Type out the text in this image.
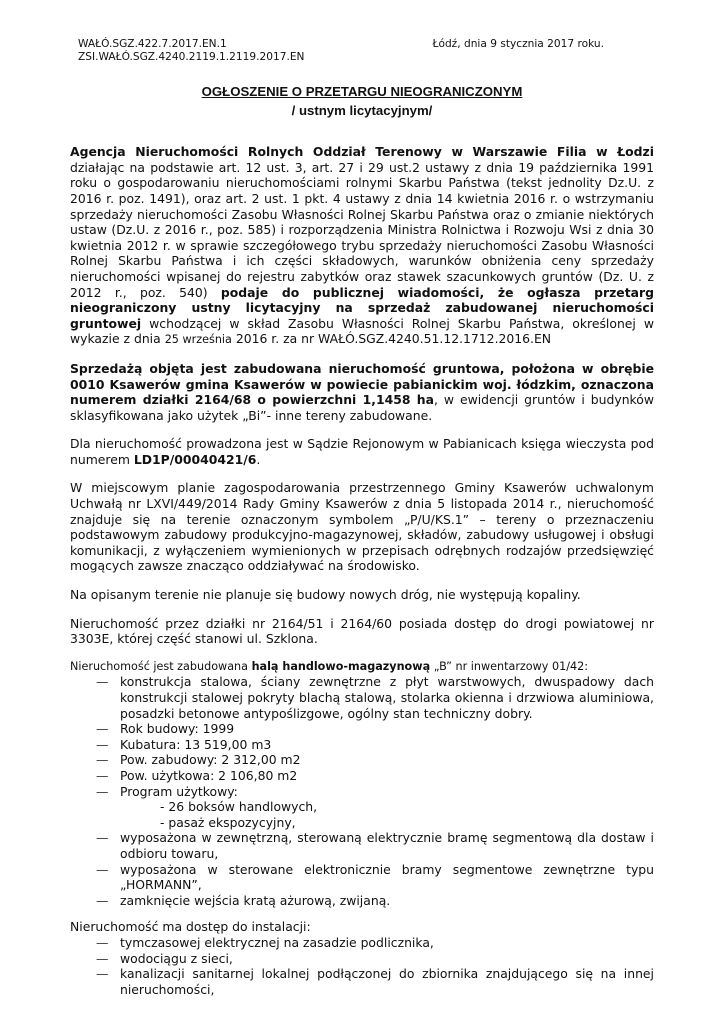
WAŁÓ.SGZ.422.7.2017.EN.1
ZSI.WAŁÓ.SGZ.4240.2119.1.2119.2017.EN
Łódź, dnia 9 stycznia 2017 roku.
OGŁOSZENIE O PRZETARGU NIEOGRANICZONYM
/ ustnym licytacyjnym/
Agencja Nieruchomości Rolnych Oddział Terenowy w Warszawie Filia w Łodzi działając na podstawie art. 12 ust. 3, art. 27 i 29 ust.2 ustawy z dnia 19 października 1991 roku o gospodarowaniu nieruchomościami rolnymi Skarbu Państwa (tekst jednolity Dz.U. z 2016 r. poz. 1491), oraz art. 2 ust. 1 pkt. 4 ustawy z dnia 14 kwietnia 2016 r. o wstrzymaniu sprzedaży nieruchomości Zasobu Własności Rolnej Skarbu Państwa oraz o zmianie niektórych ustaw (Dz.U. z 2016 r., poz. 585) i rozporządzenia Ministra Rolnictwa i Rozwoju Wsi z dnia 30 kwietnia 2012 r. w sprawie szczegółowego trybu sprzedaży nieruchomości Zasobu Własności Rolnej Skarbu Państwa i ich części składowych, warunków obniżenia ceny sprzedaży nieruchomości wpisanej do rejestru zabytków oraz stawek szacunkowych gruntów (Dz. U. z 2012 r., poz. 540) podaje do publicznej wiadomości, że ogłasza przetarg nieograniczony ustny licytacyjny na sprzedaż zabudowanej nieruchomości gruntowej wchodzącej w skład Zasobu Własności Rolnej Skarbu Państwa, określonej w wykazie z dnia 25 września 2016 r. za nr WAŁÓ.SGZ.4240.51.12.1712.2016.EN
Sprzedażą objęta jest zabudowana nieruchomość gruntowa, położona w obrębie 0010 Ksawerów gmina Ksawerów w powiecie pabianickim woj. łódzkim, oznaczona numerem działki 2164/68 o powierzchni 1,1458 ha, w ewidencji gruntów i budynków sklasyfikowana jako użytek „Bi”- inne tereny zabudowane.
Dla nieruchomość prowadzona jest w Sądzie Rejonowym w Pabianicach księga wieczysta pod numerem LD1P/00040421/6.
W miejscowym planie zagospodarowania przestrzennego Gminy Ksawerów uchwalonym Uchwałą nr LXVI/449/2014 Rady Gminy Ksawerów z dnia 5 listopada 2014 r., nieruchomość znajduje się na terenie oznaczonym symbolem „P/U/KS.1” – tereny o przeznaczeniu podstawowym zabudowy produkcyjno-magazynowej, składów, zabudowy usługowej i obsługi komunikacji, z wyłączeniem wymienionych w przepisach odrębnych rodzajów przedsięwzięć mogących zawsze znacząco oddziaływać na środowisko.
Na opisanym terenie nie planuje się budowy nowych dróg, nie występują kopaliny.
Nieruchomość przez działki nr 2164/51 i 2164/60 posiada dostęp do drogi powiatowej nr 3303E, której część stanowi ul. Szklona.
Nieruchomość jest zabudowana halą handlowo-magazynową „B” nr inwentarzowy 01/42:
— konstrukcja stalowa, ściany zewnętrzne z płyt warstwowych, dwuspadowy dach konstrukcji stalowej pokryty blachą stalową, stolarka okienna i drzwiowa aluminiowa, posadzki betonowe antypoślizgowe, ogólny stan techniczny dobry.
— Rok budowy: 1999
— Kubatura: 13 519,00 m3
— Pow. zabudowy: 2 312,00 m2
— Pow. użytkowa: 2 106,80 m2
— Program użytkowy:
- 26 boksów handlowych,
- pasaż ekspozycyjny,
— wyposażona w zewnętrzną, sterowaną elektrycznie bramę segmentową dla dostaw i odbioru towaru,
— wyposażona w sterowane elektronicznie bramy segmentowe zewnętrzne typu „HORMANN”,
— zamknięcie wejścia kratą ażurową, zwijaną.
Nieruchomość ma dostęp do instalacji:
— tymczasowej elektrycznej na zasadzie podlicznika,
— wodociągu z sieci,
— kanalizacji sanitarnej lokalnej podłączonej do zbiornika znajdującego się na innej nieruchomości,
